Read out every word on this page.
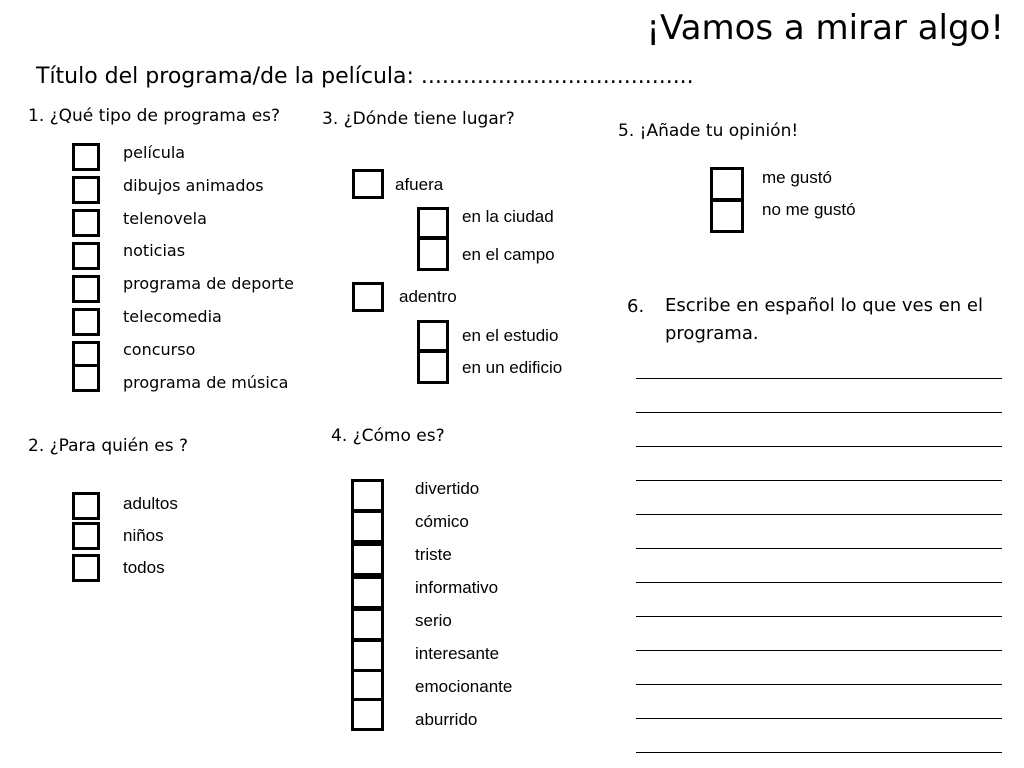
¡Vamos a mirar algo!
Título del programa/de la película: .......................................
1. ¿Qué tipo de programa es?
película
dibujos animados
telenovela
noticias
programa de deporte
telecomedia
concurso
programa de música
2. ¿Para quién es ?
adultos
niños
todos
3. ¿Dónde tiene lugar?
afuera
en la ciudad
en el campo
adentro
en el estudio
en un edificio
4. ¿Cómo es?
divertido
cómico
triste
informativo
serio
interesante
emocionante
aburrido
5. ¡Añade tu opinión!
me gustó
no me gustó
6. Escribe en español lo que ves en el programa.
